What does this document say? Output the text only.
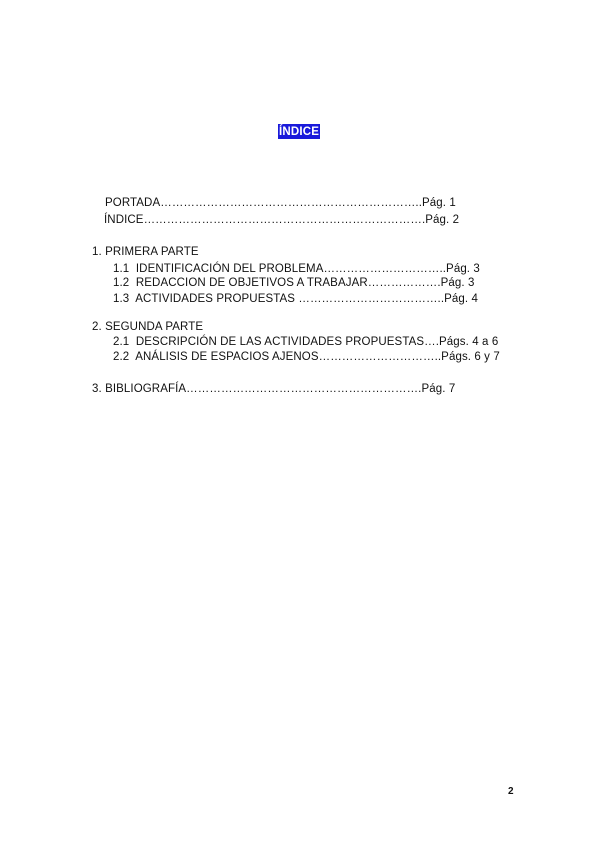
ÍNDICE
PORTADA…………………………………………………………..Pág. 1
ÍNDICE……………………………………………………………….Pág. 2
1. PRIMERA PARTE
1.1  IDENTIFICACIÓN DEL PROBLEMA…………………………..Pág. 3
1.2  REDACCION DE OBJETIVOS A TRABAJAR……………….Pág. 3
1.3  ACTIVIDADES PROPUESTAS ………………………………..Pág. 4
2. SEGUNDA PARTE
2.1  DESCRIPCIÓN DE LAS ACTIVIDADES PROPUESTAS….Págs. 4 a 6
2.2  ANÁLISIS DE ESPACIOS AJENOS…………………………..Págs. 6 y 7
3. BIBLIOGRAFÍA…………………………………………………….Pág. 7
2
